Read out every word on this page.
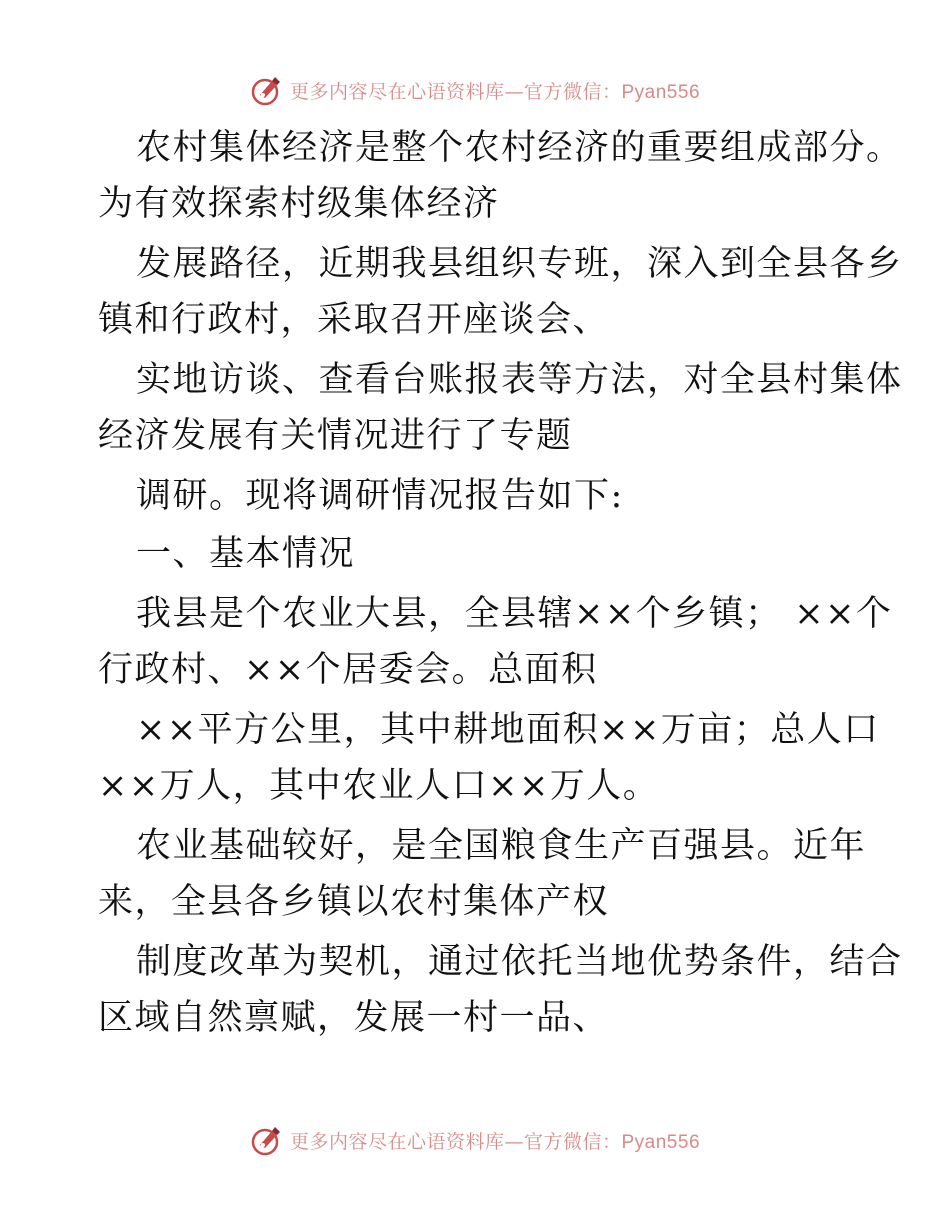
更多内容尽在心语资料库—官方微信：Pyan556
农村集体经济是整个农村经济的重要组成部分。
为有效探索村级集体经济
发展路径，近期我县组织专班，深入到全县各乡
镇和行政村，采取召开座谈会、
实地访谈、查看台账报表等方法，对全县村集体
经济发展有关情况进行了专题
调研。现将调研情况报告如下:
一、基本情况
我县是个农业大县，全县辖××个乡镇； ××个
行政村、××个居委会。总面积
××平方公里，其中耕地面积××万亩；总人口
××万人，其中农业人口××万人。
农业基础较好，是全国粮食生产百强县。近年
来，全县各乡镇以农村集体产权
制度改革为契机，通过依托当地优势条件，结合
区域自然禀赋，发展一村一品、
更多内容尽在心语资料库—官方微信：Pyan556
